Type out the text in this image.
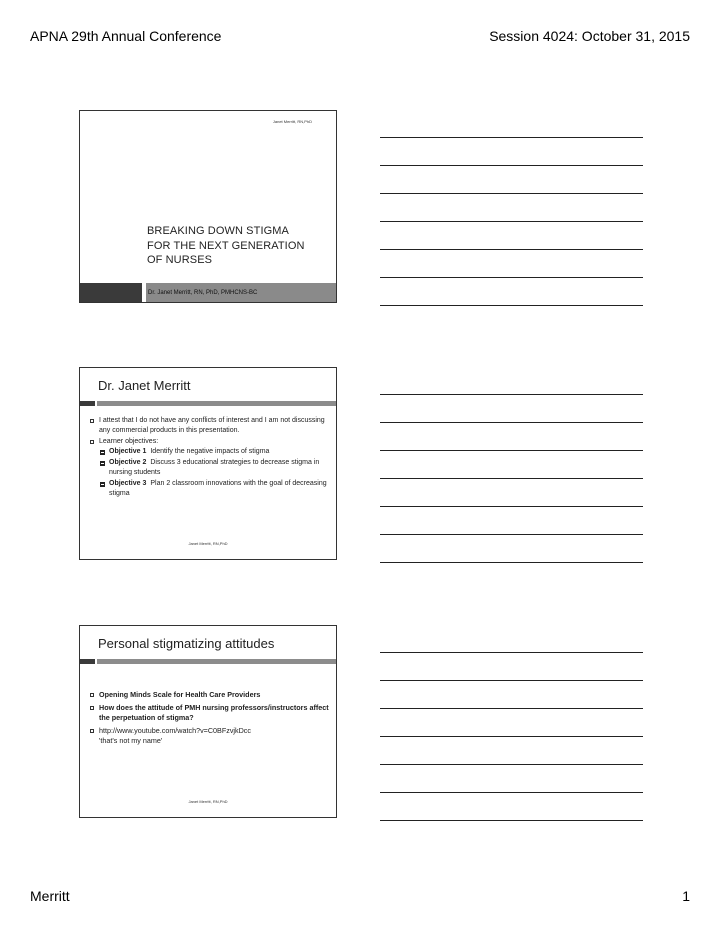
APNA 29th Annual Conference	Session 4024: October 31, 2015
Janet Merritt, RN,PhD
BREAKING DOWN STIGMA
FOR THE NEXT GENERATION
OF NURSES
Dr. Janet Merritt, RN, PhD, PMHCNS-BC
Dr. Janet Merritt
I attest that I do not have any conflicts of interest and I am not discussing any commercial products in this presentation.
Learner objectives:
Objective 1 Identify the negative impacts of stigma
Objective 2 Discuss 3 educational strategies to decrease stigma in nursing students
Objective 3 Plan 2 classroom innovations with the goal of decreasing stigma
Janet Merritt, RN,PhD
Personal stigmatizing attitudes
Opening Minds Scale for Health Care Providers
How does the attitude of PMH nursing professors/instructors affect the perpetuation of stigma?
http://www.youtube.com/watch?v=C0BFzvjkDcc
'that's not my name'
Janet Merritt, RN,PhD
Merritt	1
